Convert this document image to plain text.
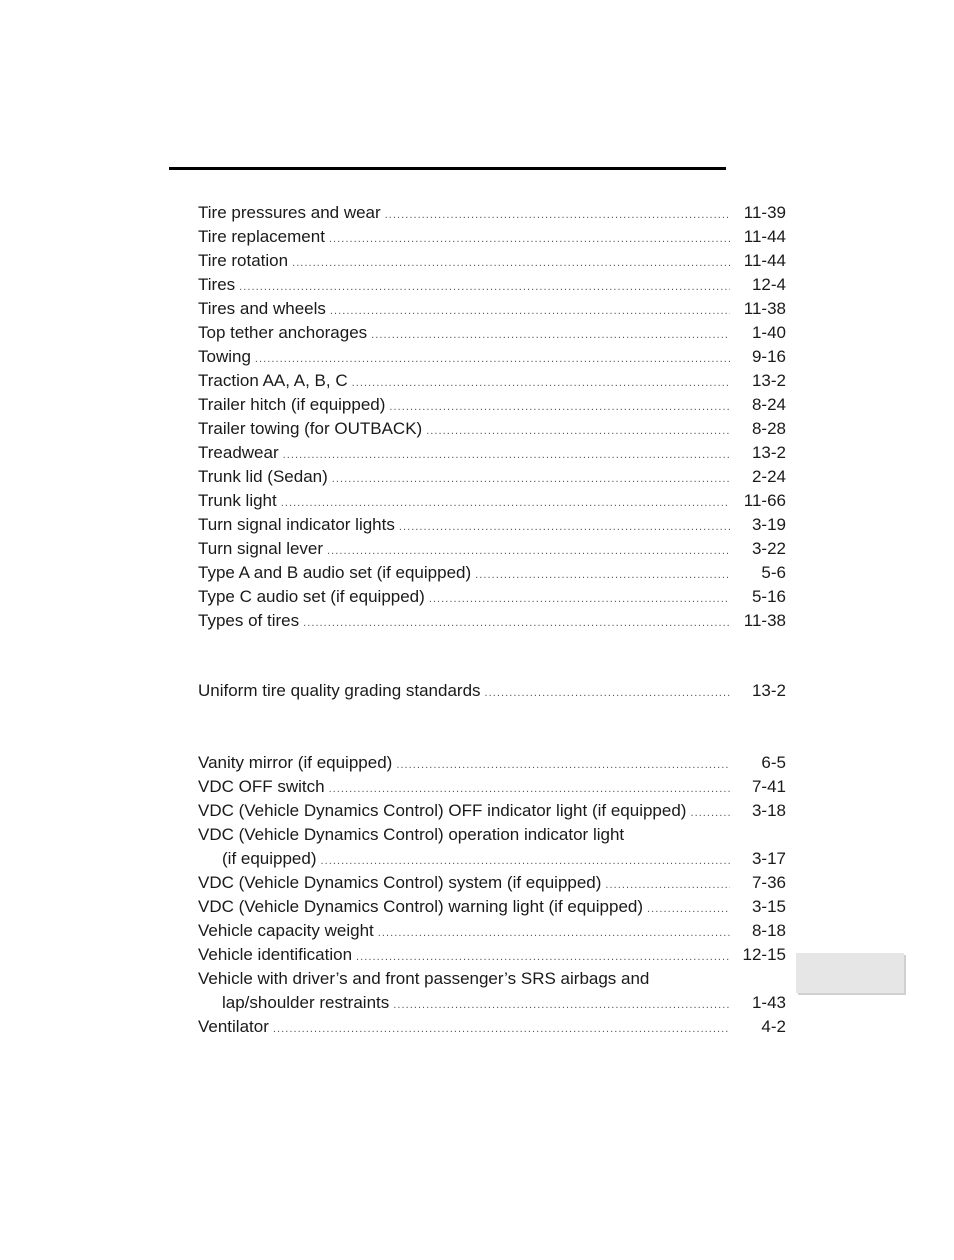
Tire pressures and wear . . .	11-39
Tire replacement . . .	11-44
Tire rotation . . .	11-44
Tires . . .	12-4
Tires and wheels . . .	11-38
Top tether anchorages . . .	1-40
Towing . . .	9-16
Traction AA, A, B, C . . .	13-2
Trailer hitch (if equipped) . . .	8-24
Trailer towing (for OUTBACK) . . .	8-28
Treadwear . . .	13-2
Trunk lid (Sedan) . . .	2-24
Trunk light . . .	11-66
Turn signal indicator lights . . .	3-19
Turn signal lever . . .	3-22
Type A and B audio set (if equipped) . . .	5-6
Type C audio set (if equipped) . . .	5-16
Types of tires . . .	11-38
Uniform tire quality grading standards . . .	13-2
Vanity mirror (if equipped) . . .	6-5
VDC OFF switch . . .	7-41
VDC (Vehicle Dynamics Control) OFF indicator light (if equipped) . . .	3-18
VDC (Vehicle Dynamics Control) operation indicator light
(if equipped) . . .	3-17
VDC (Vehicle Dynamics Control) system (if equipped) . . .	7-36
VDC (Vehicle Dynamics Control) warning light (if equipped) . . .	3-15
Vehicle capacity weight . . .	8-18
Vehicle identification . . .	12-15
Vehicle with driver’s and front passenger’s SRS airbags and
lap/shoulder restraints . . .	1-43
Ventilator . . .	4-2
